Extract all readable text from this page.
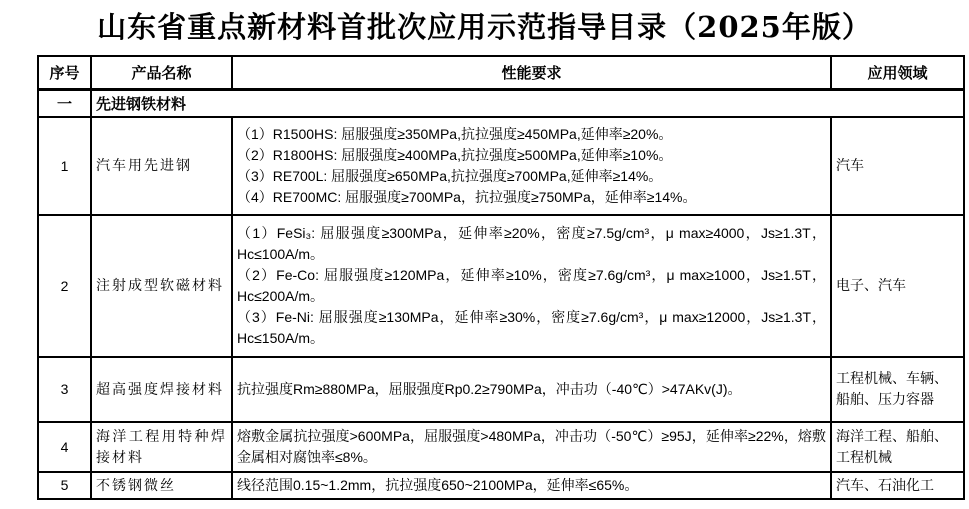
山东省重点新材料首批次应用示范指导目录（2025年版）
序号	产品名称	性能要求	应用领域
一	先进钢铁材料		
1	汽车用先进钢	（1）R1500HS: 屈服强度≥350MPa,抗拉强度≥450MPa,延伸率≥20%。
（2）R1800HS: 屈服强度≥400MPa,抗拉强度≥500MPa,延伸率≥10%。
（3）RE700L: 屈服强度≥650MPa,抗拉强度≥700MPa,延伸率≥14%。
（4）RE700MC: 屈服强度≥700MPa，抗拉强度≥750MPa，延伸率≥14%。	汽车
2	注射成型软磁材料	（1）FeSi₃: 屈服强度≥300MPa，延伸率≥20%，密度≥7.5g/cm³，μ max≥4000，Js≥1.3T，Hc≤100A/m。
（2）Fe-Co: 屈服强度≥120MPa，延伸率≥10%，密度≥7.6g/cm³，μ max≥1000，Js≥1.5T，Hc≤200A/m。
（3）Fe-Ni: 屈服强度≥130MPa，延伸率≥30%，密度≥7.6g/cm³，μ max≥12000，Js≥1.3T，Hc≤150A/m。	电子、汽车
3	超高强度焊接材料	抗拉强度Rm≥880MPa，屈服强度Rp0.2≥790MPa，冲击功（-40℃）>47AKv(J)。	工程机械、车辆、船舶、压力容器
4	海洋工程用特种焊接材料	熔敷金属抗拉强度>600MPa，屈服强度>480MPa，冲击功（-50℃）≥95J，延伸率≥22%，熔敷金属相对腐蚀率≤8%。	海洋工程、船舶、工程机械
5	不锈钢微丝	线径范围0.15~1.2mm，抗拉强度650~2100MPa，延伸率≤65%。	汽车、石油化工
